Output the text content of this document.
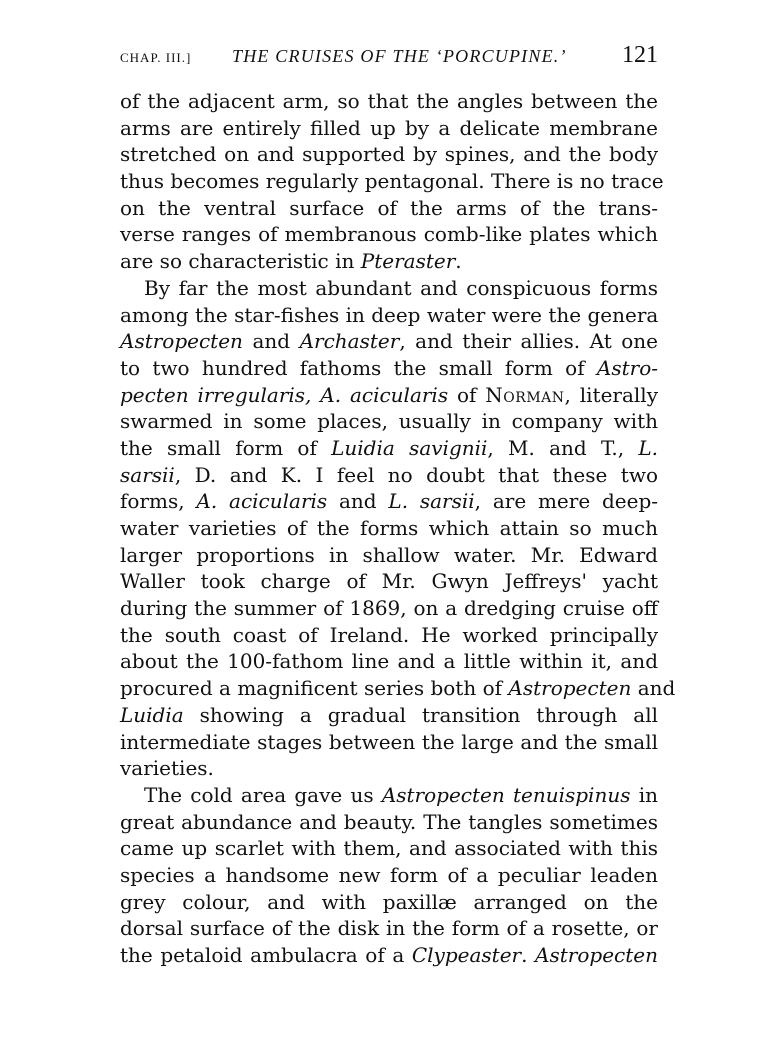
CHAP. III.] THE CRUISES OF THE ‘PORCUPINE.’ 121
of the adjacent arm, so that the angles between the
arms are entirely filled up by a delicate membrane
stretched on and supported by spines, and the body
thus becomes regularly pentagonal. There is no trace
on the ventral surface of the arms of the trans-
verse ranges of membranous comb-like plates which
are so characteristic in Pteraster.
By far the most abundant and conspicuous forms
among the star-fishes in deep water were the genera
Astropecten and Archaster, and their allies. At one
to two hundred fathoms the small form of Astro-
pecten irregularis, A. acicularis of Norman, literally
swarmed in some places, usually in company with
the small form of Luidia savignii, M. and T., L.
sarsii, D. and K. I feel no doubt that these two
forms, A. acicularis and L. sarsii, are mere deep-
water varieties of the forms which attain so much
larger proportions in shallow water. Mr. Edward
Waller took charge of Mr. Gwyn Jeffreys' yacht
during the summer of 1869, on a dredging cruise off
the south coast of Ireland. He worked principally
about the 100-fathom line and a little within it, and
procured a magnificent series both of Astropecten and
Luidia showing a gradual transition through all
intermediate stages between the large and the small
varieties.
The cold area gave us Astropecten tenuispinus in
great abundance and beauty. The tangles sometimes
came up scarlet with them, and associated with this
species a handsome new form of a peculiar leaden
grey colour, and with paxillæ arranged on the
dorsal surface of the disk in the form of a rosette, or
the petaloid ambulacra of a Clypeaster. Astropecten
